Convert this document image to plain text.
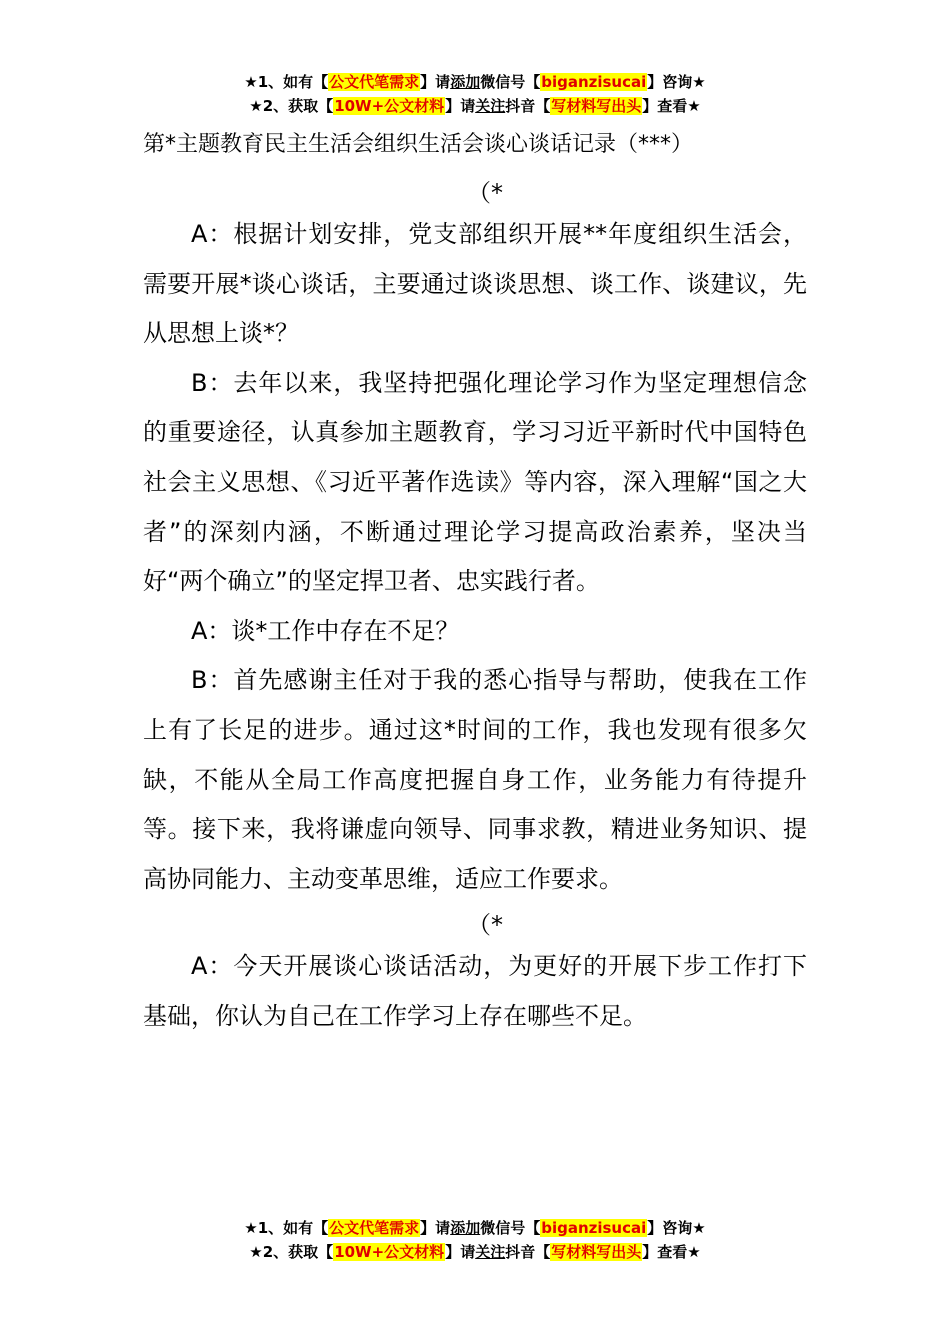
★1、如有【公文代笔需求】请添加微信号【biganzisucai】咨询★
★2、获取【10W+公文材料】请关注抖音【写材料写出头】查看★
第*主题教育民主生活会组织生活会谈心谈话记录（***）
（*

A：根据计划安排，党支部组织开展**年度组织生活会，需要开展*谈心谈话，主要通过谈谈思想、谈工作、谈建议，先从思想上谈*？

B：去年以来，我坚持把强化理论学习作为坚定理想信念的重要途径，认真参加主题教育，学习习近平新时代中国特色社会主义思想、《习近平著作选读》等内容，深入理解“国之大者”的深刻内涵，不断通过理论学习提高政治素养，坚决当好“两个确立”的坚定捍卫者、忠实践行者。

A：谈*工作中存在不足？

B：首先感谢主任对于我的悉心指导与帮助，使我在工作上有了长足的进步。通过这*时间的工作，我也发现有很多欠缺，不能从全局工作高度把握自身工作，业务能力有待提升等。接下来，我将谦虚向领导、同事求教，精进业务知识、提高协同能力、主动变革思维，适应工作要求。

（*

A：今天开展谈心谈话活动，为更好的开展下步工作打下基础，你认为自己在工作学习上存在哪些不足。

★1、如有【公文代笔需求】请添加微信号【biganzisucai】咨询★
★2、获取【10W+公文材料】请关注抖音【写材料写出头】查看★
